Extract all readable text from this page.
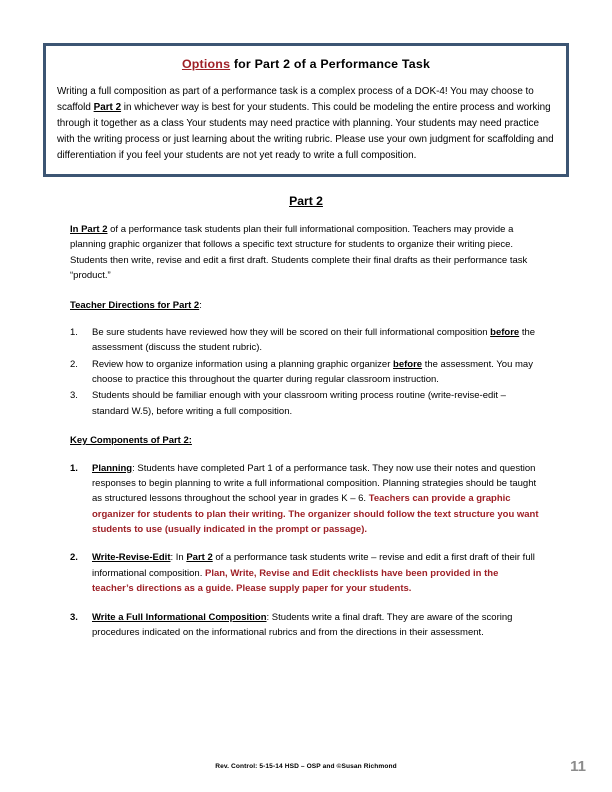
Options for Part 2 of a Performance Task

Writing a full composition as part of a performance task is a complex process of a DOK-4! You may choose to scaffold Part 2 in whichever way is best for your students. This could be modeling the entire process and working through it together as a class Your students may need practice with planning. Your students may need practice with the writing process or just learning about the writing rubric. Please use your own judgment for scaffolding and differentiation if you feel your students are not yet ready to write a full composition.

Part 2

In Part 2 of a performance task students plan their full informational composition. Teachers may provide a planning graphic organizer that follows a specific text structure for students to organize their writing piece. Students then write, revise and edit a first draft. Students complete their final drafts as their performance task “product.”

Teacher Directions for Part 2:

1.	Be sure students have reviewed how they will be scored on their full informational composition before the assessment (discuss the student rubric).
2.	Review how to organize information using a planning graphic organizer before the assessment. You may choose to practice this throughout the quarter during regular classroom instruction.
3.	Students should be familiar enough with your classroom writing process routine (write-revise-edit – standard W.5), before writing a full composition.

Key Components of Part 2:

1.	Planning: Students have completed Part 1 of a performance task. They now use their notes and question responses to begin planning to write a full informational composition. Planning strategies should be taught as structured lessons throughout the school year in grades K – 6. Teachers can provide a graphic organizer for students to plan their writing. The organizer should follow the text structure you want students to use (usually indicated in the prompt or passage).
2.	Write-Revise-Edit: In Part 2 of a performance task students write – revise and edit a first draft of their full informational composition. Plan, Write, Revise and Edit checklists have been provided in the teacher’s directions as a guide. Please supply paper for your students.
3.	Write a Full Informational Composition: Students write a final draft. They are aware of the scoring procedures indicated on the informational rubrics and from the directions in their assessment.
Rev. Control: 5-15-14 HSD – OSP and ©Susan Richmond	11
